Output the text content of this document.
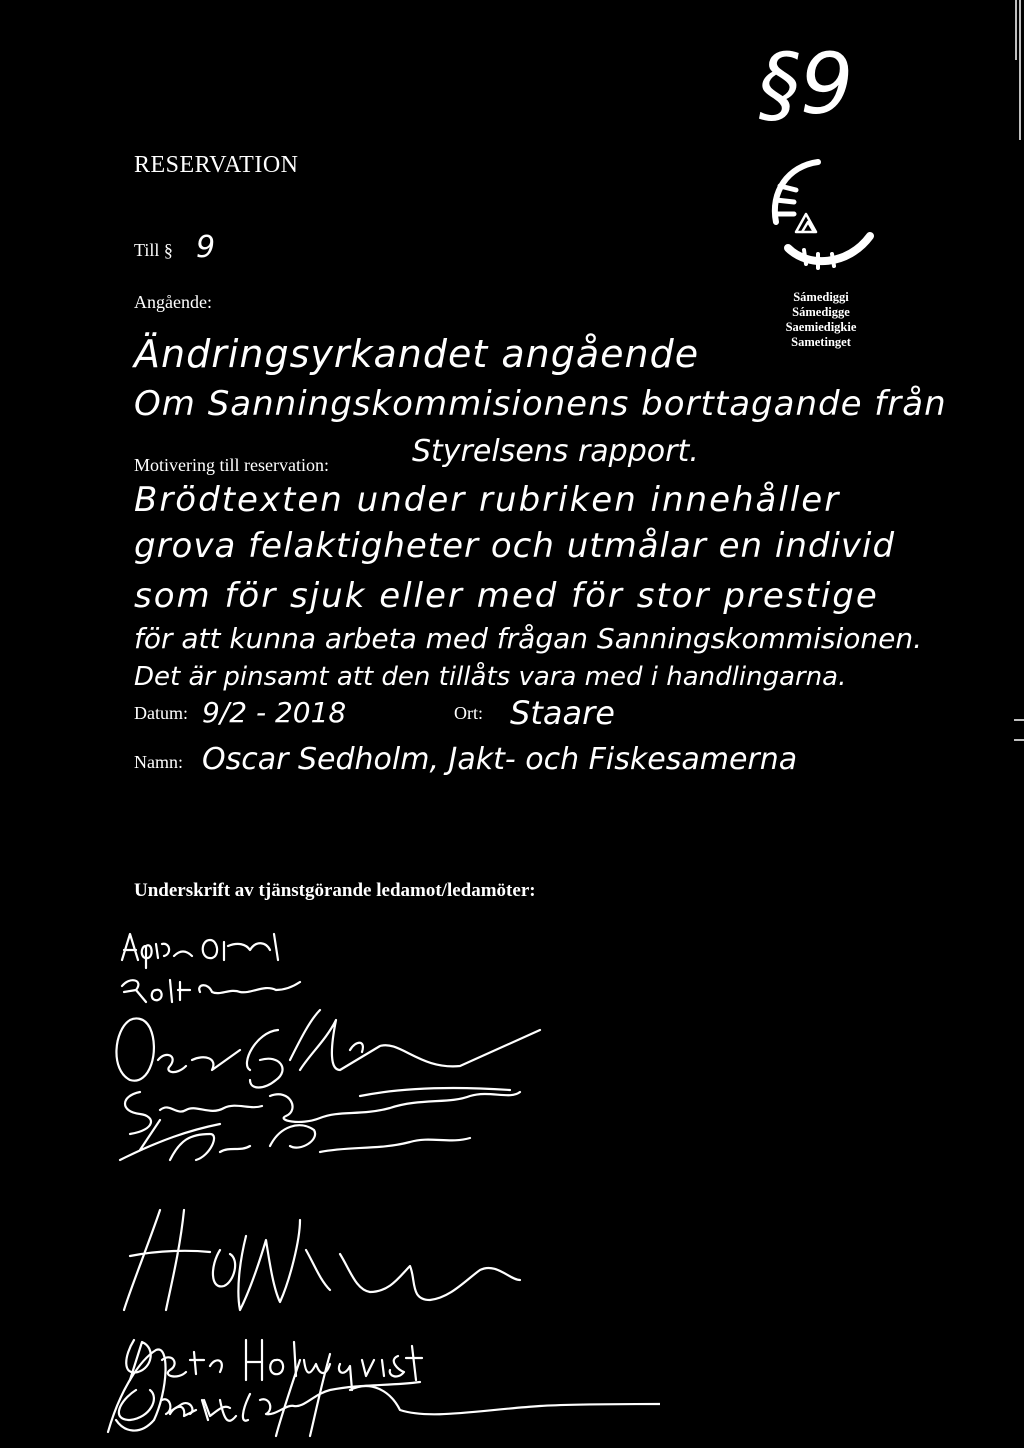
RESERVATION
§9
Sámediggi
Sámedigge
Saemiedigkie
Sametinget
Till § 9
Angående:
Ändringsyrkandet angående
Om Sanningskommisionens borttagande från
Styrelsens rapport.
Motivering till reservation:
Brödtexten under rubriken innehåller
grova felaktigheter och utmålar en individ
som för sjuk eller med för stor prestige
för att kunna arbeta med frågan Sanningskommisionen.
Det är pinsamt att den tillåts vara med i handlingarna.
Datum: 9/2 - 2018	Ort: Staare
Namn: Oscar Sedholm, Jakt- och Fiskesamerna
Underskrift av tjänstgörande ledamot/ledamöter:
